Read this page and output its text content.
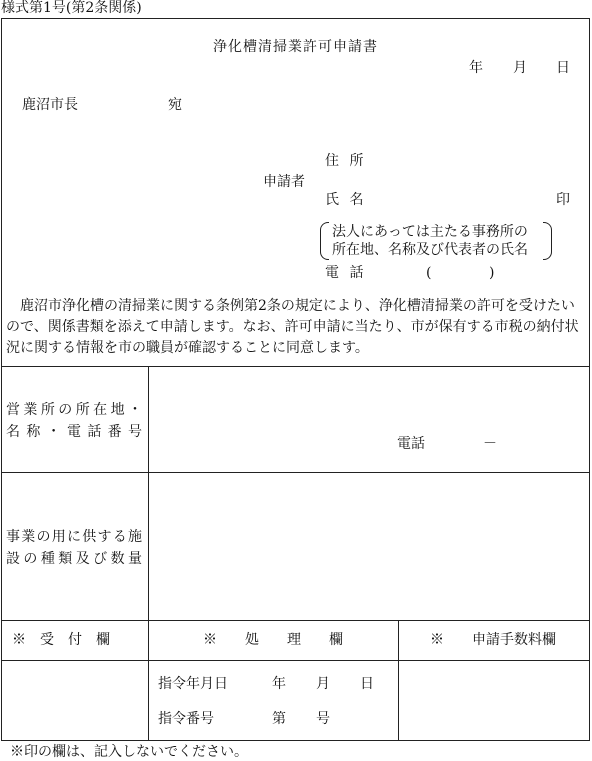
様式第1号(第2条関係)
浄化槽清掃業許可申請書
年 月 日
鹿沼市長	宛
申請者
住 所
氏 名	印
法人にあっては主たる事務所の
所在地、名称及び代表者の氏名
電 話	(	)
鹿沼市浄化槽の清掃業に関する条例第2条の規定により、浄化槽清掃業の許可を受けたいので、関係書類を添えて申請します。なお、許可申請に当たり、市が保有する市税の納付状況に関する情報を市の職員が確認することに同意します。
営業所の所在地・
名称・電話番号
電話	－
事業の用に供する施
設の種類及び数量
※　受　付　欄	※　　処　　理　　欄	※　　申請手数料欄
指令年月日	年 月 日
指令番号	第 号
※印の欄は、記入しないでください。
